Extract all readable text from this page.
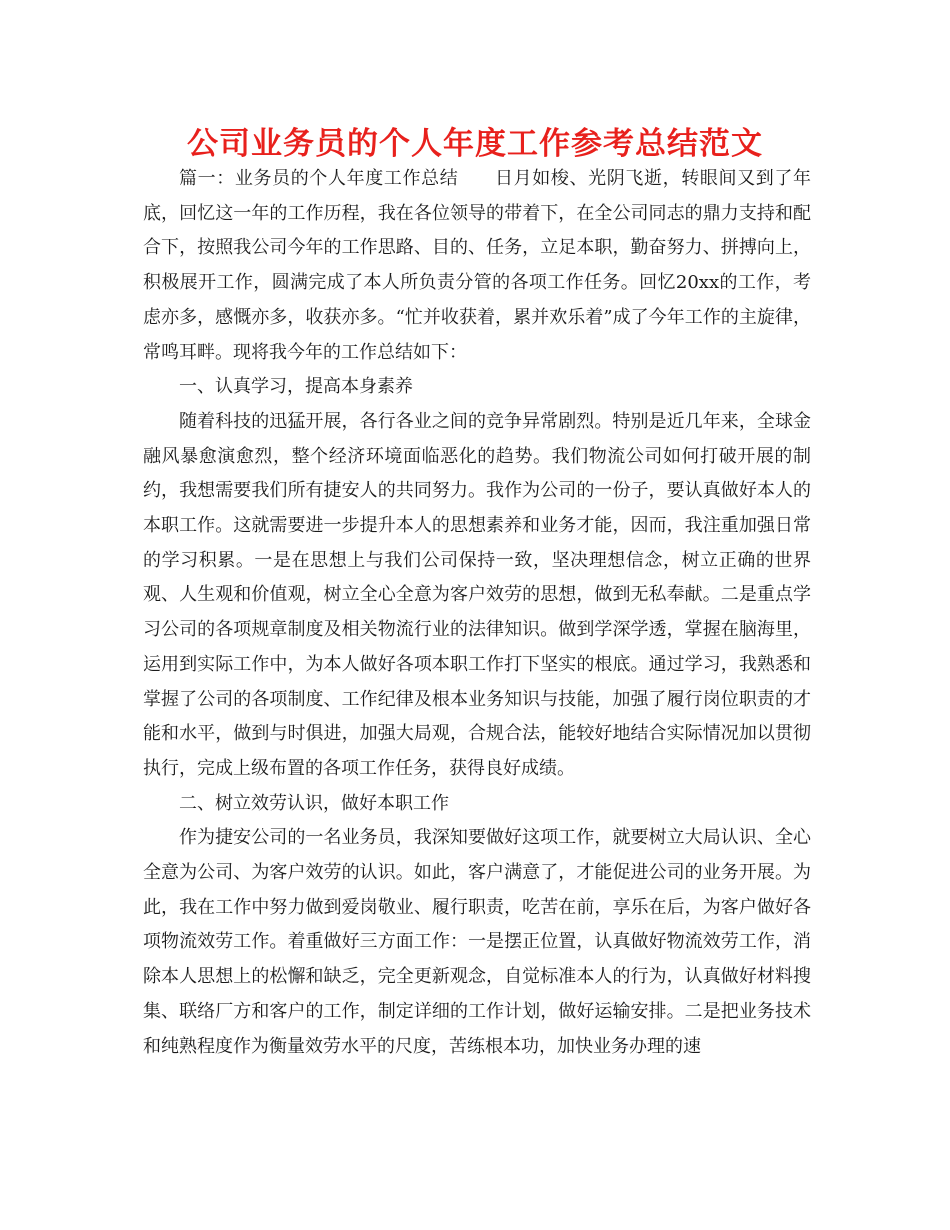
公司业务员的个人年度工作参考总结范文

篇一：业务员的个人年度工作总结 日月如梭、光阴飞逝，转眼间又到了年底，回忆这一年的工作历程，我在各位领导的带着下，在全公司同志的鼎力支持和配合下，按照我公司今年的工作思路、目的、任务，立足本职，勤奋努力、拼搏向上，积极展开工作，圆满完成了本人所负责分管的各项工作任务。回忆20xx的工作，考虑亦多，感慨亦多，收获亦多。“忙并收获着，累并欢乐着”成了今年工作的主旋律，常鸣耳畔。现将我今年的工作总结如下：

一、认真学习，提高本身素养

随着科技的迅猛开展，各行各业之间的竞争异常剧烈。特别是近几年来，全球金融风暴愈演愈烈，整个经济环境面临恶化的趋势。我们物流公司如何打破开展的制约，我想需要我们所有捷安人的共同努力。我作为公司的一份子，要认真做好本人的本职工作。这就需要进一步提升本人的思想素养和业务才能，因而，我注重加强日常的学习积累。一是在思想上与我们公司保持一致，坚决理想信念，树立正确的世界观、人生观和价值观，树立全心全意为客户效劳的思想，做到无私奉献。二是重点学习公司的各项规章制度及相关物流行业的法律知识。做到学深学透，掌握在脑海里，运用到实际工作中，为本人做好各项本职工作打下坚实的根底。通过学习，我熟悉和掌握了公司的各项制度、工作纪律及根本业务知识与技能，加强了履行岗位职责的才能和水平，做到与时俱进，加强大局观，合规合法，能较好地结合实际情况加以贯彻执行，完成上级布置的各项工作任务，获得良好成绩。

二、树立效劳认识，做好本职工作

作为捷安公司的一名业务员，我深知要做好这项工作，就要树立大局认识、全心全意为公司、为客户效劳的认识。如此，客户满意了，才能促进公司的业务开展。为此，我在工作中努力做到爱岗敬业、履行职责，吃苦在前，享乐在后，为客户做好各项物流效劳工作。着重做好三方面工作：一是摆正位置，认真做好物流效劳工作，消除本人思想上的松懈和缺乏，完全更新观念，自觉标准本人的行为，认真做好材料搜集、联络厂方和客户的工作，制定详细的工作计划，做好运输安排。二是把业务技术和纯熟程度作为衡量效劳水平的尺度，苦练根本功，加快业务办理的速
